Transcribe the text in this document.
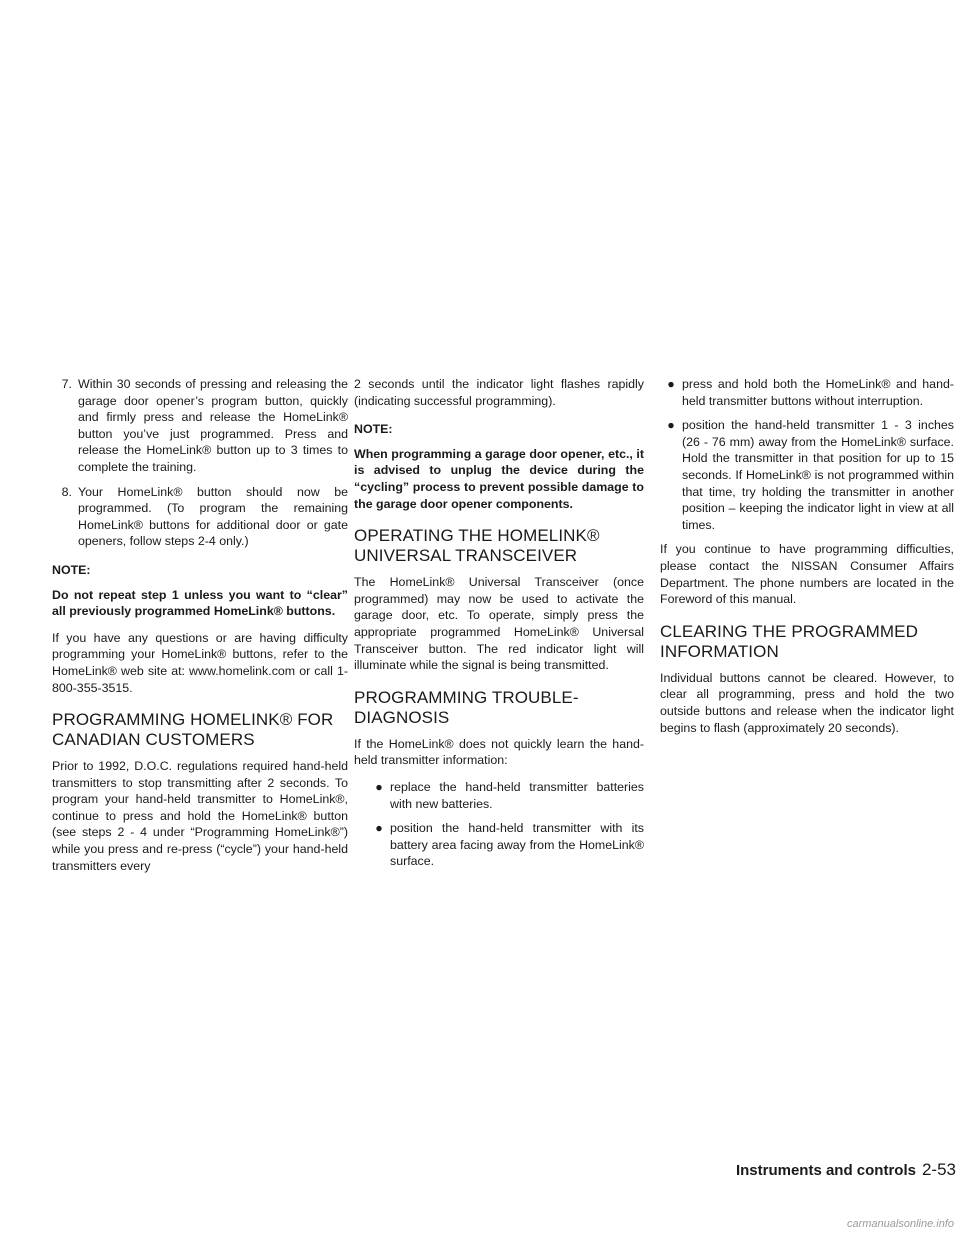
7. Within 30 seconds of pressing and releasing the garage door opener’s program button, quickly and firmly press and release the HomeLink® button you’ve just programmed. Press and release the HomeLink® button up to 3 times to complete the training.
8. Your HomeLink® button should now be programmed. (To program the remaining HomeLink® buttons for additional door or gate openers, follow steps 2-4 only.)
NOTE:

Do not repeat step 1 unless you want to “clear” all previously programmed HomeLink® buttons.

If you have any questions or are having difficulty programming your HomeLink® buttons, refer to the HomeLink® web site at: www.homelink.com or call 1-800-355-3515.

PROGRAMMING HOMELINK® FOR CANADIAN CUSTOMERS

Prior to 1992, D.O.C. regulations required hand-held transmitters to stop transmitting after 2 seconds. To program your hand-held transmitter to HomeLink®, continue to press and hold the HomeLink® button (see steps 2 - 4 under “Programming HomeLink®”) while you press and re-press (“cycle”) your hand-held transmitters every

2 seconds until the indicator light flashes rapidly (indicating successful programming).

NOTE:

When programming a garage door opener, etc., it is advised to unplug the device during the “cycling” process to prevent possible damage to the garage door opener components.

OPERATING THE HOMELINK® UNIVERSAL TRANSCEIVER

The HomeLink® Universal Transceiver (once programmed) may now be used to activate the garage door, etc. To operate, simply press the appropriate programmed HomeLink® Universal Transceiver button. The red indicator light will illuminate while the signal is being transmitted.

PROGRAMMING TROUBLE-DIAGNOSIS

If the HomeLink® does not quickly learn the hand-held transmitter information:

● replace the hand-held transmitter batteries with new batteries.
● position the hand-held transmitter with its battery area facing away from the HomeLink® surface.
● press and hold both the HomeLink® and hand-held transmitter buttons without interruption.
● position the hand-held transmitter 1 - 3 inches (26 - 76 mm) away from the HomeLink® surface. Hold the transmitter in that position for up to 15 seconds. If HomeLink® is not programmed within that time, try holding the transmitter in another position – keeping the indicator light in view at all times.

If you continue to have programming difficulties, please contact the NISSAN Consumer Affairs Department. The phone numbers are located in the Foreword of this manual.

CLEARING THE PROGRAMMED INFORMATION

Individual buttons cannot be cleared. However, to clear all programming, press and hold the two outside buttons and release when the indicator light begins to flash (approximately 20 seconds).

Instruments and controls 2-53
carmanualsonline.info
